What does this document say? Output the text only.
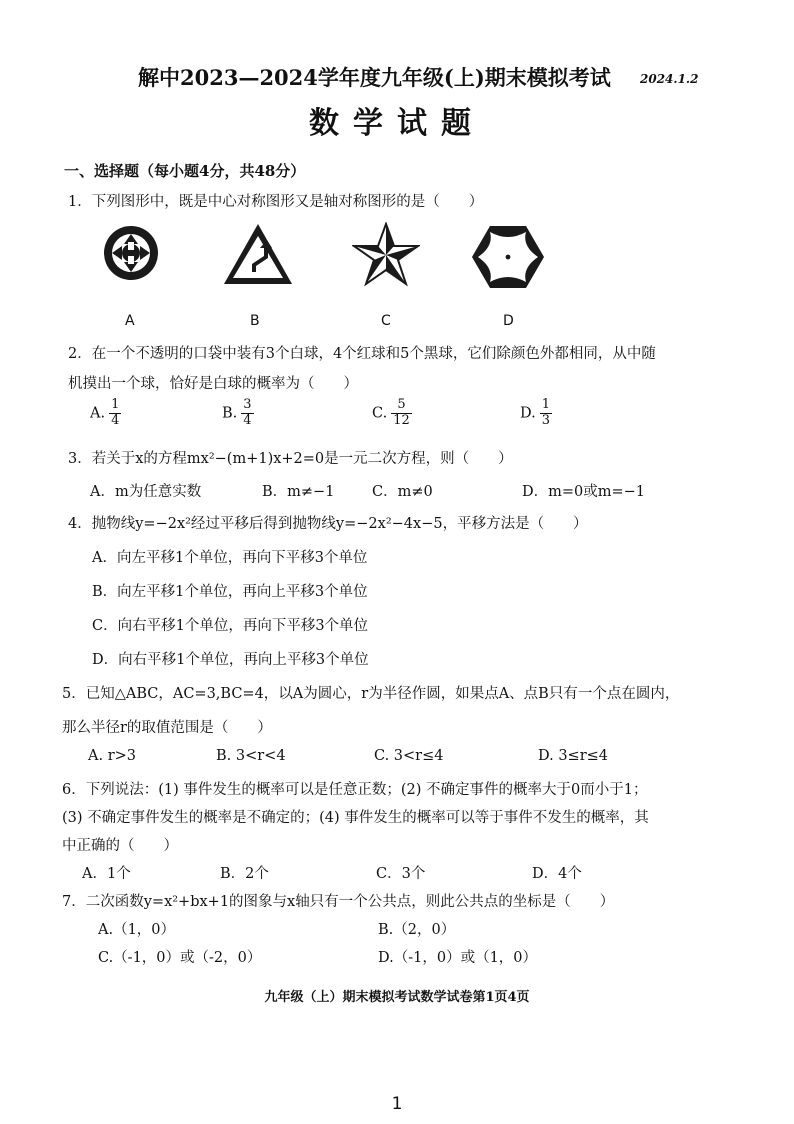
解中2023—2024学年度九年级(上)期末模拟考试 2024.1.2
数学试题
一、选择题（每小题4分，共48分）
1．下列图形中，既是中心对称图形又是轴对称图形的是（　　）
A	B	C	D
2．在一个不透明的口袋中装有3个白球，4个红球和5个黑球，它们除颜色外都相同，从中随
机摸出一个球，恰好是白球的概率为（　　）
A. $\frac{1}{4}$	B. $\frac{3}{4}$	C. $\frac{5}{12}$	D. $\frac{1}{3}$
3．若关于x的方程mx²−(m+1)x+2=0是一元二次方程，则（　　）
A．m为任意实数	B．m≠−1	C．m≠0	D．m=0或m=−1
4．抛物线y=−2x²经过平移后得到抛物线y=−2x²−4x−5，平移方法是（　　）
A．向左平移1个单位，再向下平移3个单位
B．向左平移1个单位，再向上平移3个单位
C．向右平移1个单位，再向下平移3个单位
D．向右平移1个单位，再向上平移3个单位
5．已知△ABC，AC=3,BC=4，以A为圆心，r为半径作圆，如果点A、点B只有一个点在圆内，
那么半径r的取值范围是（　　）
A. r>3	B. 3<r<4	C. 3<r≤4	D. 3≤r≤4
6．下列说法：(1) 事件发生的概率可以是任意正数；(2) 不确定事件的概率大于0而小于1；
(3) 不确定事件发生的概率是不确定的；(4) 事件发生的概率可以等于事件不发生的概率，其
中正确的（　　）
A．1个	B．2个	C．3个	D．4个
7．二次函数y=x²+bx+1的图象与x轴只有一个公共点，则此公共点的坐标是（　　）
A.（1，0）	B.（2，0）
C.（-1，0）或（-2，0）	D.（-1，0）或（1，0）
九年级（上）期末模拟考试数学试卷第1页4页
1
